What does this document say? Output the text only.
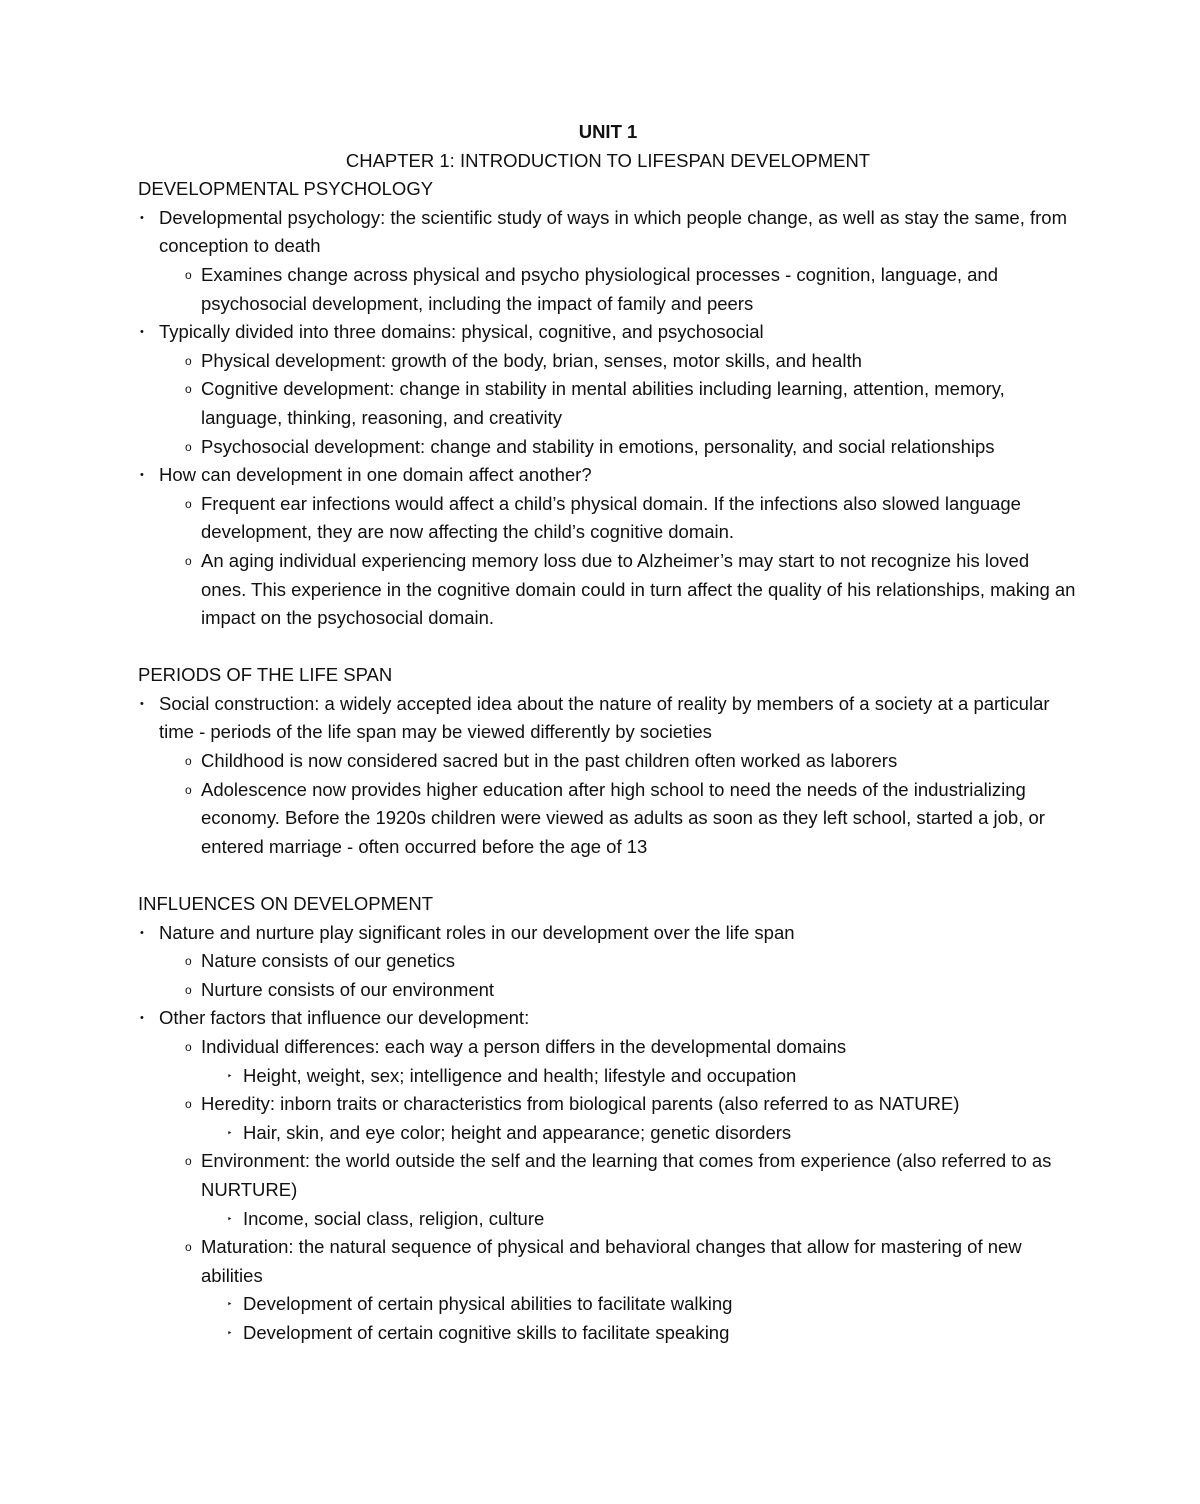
UNIT 1
CHAPTER 1: INTRODUCTION TO LIFESPAN DEVELOPMENT
DEVELOPMENTAL PSYCHOLOGY
• Developmental psychology: the scientific study of ways in which people change, as well as stay the same, from conception to death
o Examines change across physical and psycho physiological processes - cognition, language, and psychosocial development, including the impact of family and peers
• Typically divided into three domains: physical, cognitive, and psychosocial
o Physical development: growth of the body, brian, senses, motor skills, and health
o Cognitive development: change in stability in mental abilities including learning, attention, memory, language, thinking, reasoning, and creativity
o Psychosocial development: change and stability in emotions, personality, and social relationships
• How can development in one domain affect another?
o Frequent ear infections would affect a child’s physical domain. If the infections also slowed language development, they are now affecting the child’s cognitive domain.
o An aging individual experiencing memory loss due to Alzheimer’s may start to not recognize his loved ones. This experience in the cognitive domain could in turn affect the quality of his relationships, making an impact on the psychosocial domain.
PERIODS OF THE LIFE SPAN
• Social construction: a widely accepted idea about the nature of reality by members of a society at a particular time - periods of the life span may be viewed differently by societies
o Childhood is now considered sacred but in the past children often worked as laborers
o Adolescence now provides higher education after high school to need the needs of the industrializing economy. Before the 1920s children were viewed as adults as soon as they left school, started a job, or entered marriage - often occurred before the age of 13
INFLUENCES ON DEVELOPMENT
• Nature and nurture play significant roles in our development over the life span
o Nature consists of our genetics
o Nurture consists of our environment
• Other factors that influence our development:
o Individual differences: each way a person differs in the developmental domains
‣ Height, weight, sex; intelligence and health; lifestyle and occupation
o Heredity: inborn traits or characteristics from biological parents (also referred to as NATURE)
‣ Hair, skin, and eye color; height and appearance; genetic disorders
o Environment: the world outside the self and the learning that comes from experience (also referred to as NURTURE)
‣ Income, social class, religion, culture
o Maturation: the natural sequence of physical and behavioral changes that allow for mastering of new abilities
‣ Development of certain physical abilities to facilitate walking
‣ Development of certain cognitive skills to facilitate speaking
